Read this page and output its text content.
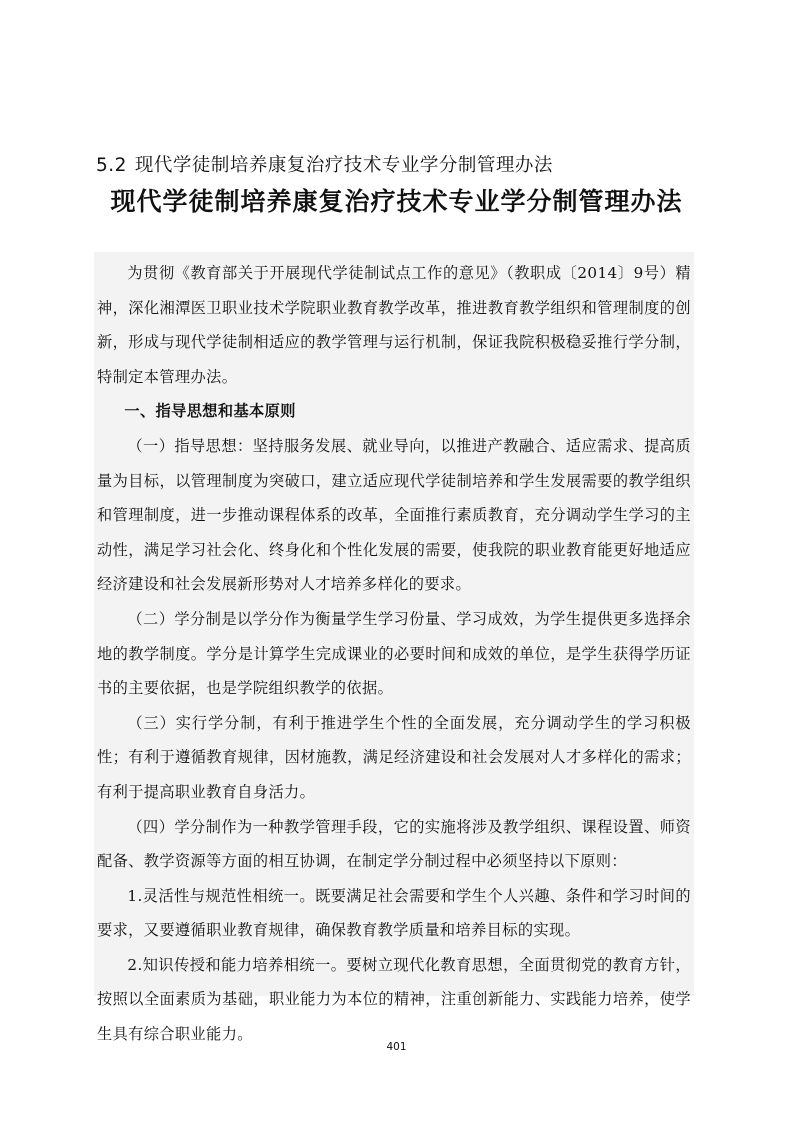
5.2 现代学徒制培养康复治疗技术专业学分制管理办法
现代学徒制培养康复治疗技术专业学分制管理办法

为贯彻《教育部关于开展现代学徒制试点工作的意见》（教职成〔2014〕9号）精神，深化湘潭医卫职业技术学院职业教育教学改革，推进教育教学组织和管理制度的创新，形成与现代学徒制相适应的教学管理与运行机制，保证我院积极稳妥推行学分制，特制定本管理办法。

一、指导思想和基本原则

（一）指导思想：坚持服务发展、就业导向，以推进产教融合、适应需求、提高质量为目标，以管理制度为突破口，建立适应现代学徒制培养和学生发展需要的教学组织和管理制度，进一步推动课程体系的改革，全面推行素质教育，充分调动学生学习的主动性，满足学习社会化、终身化和个性化发展的需要，使我院的职业教育能更好地适应经济建设和社会发展新形势对人才培养多样化的要求。

（二）学分制是以学分作为衡量学生学习份量、学习成效，为学生提供更多选择余地的教学制度。学分是计算学生完成课业的必要时间和成效的单位，是学生获得学历证书的主要依据，也是学院组织教学的依据。

（三）实行学分制，有利于推进学生个性的全面发展，充分调动学生的学习积极性；有利于遵循教育规律，因材施教，满足经济建设和社会发展对人才多样化的需求；有利于提高职业教育自身活力。

（四）学分制作为一种教学管理手段，它的实施将涉及教学组织、课程设置、师资配备、教学资源等方面的相互协调，在制定学分制过程中必须坚持以下原则：

1.灵活性与规范性相统一。既要满足社会需要和学生个人兴趣、条件和学习时间的要求，又要遵循职业教育规律，确保教育教学质量和培养目标的实现。

2.知识传授和能力培养相统一。要树立现代化教育思想，全面贯彻党的教育方针，按照以全面素质为基础，职业能力为本位的精神，注重创新能力、实践能力培养，使学生具有综合职业能力。

401
